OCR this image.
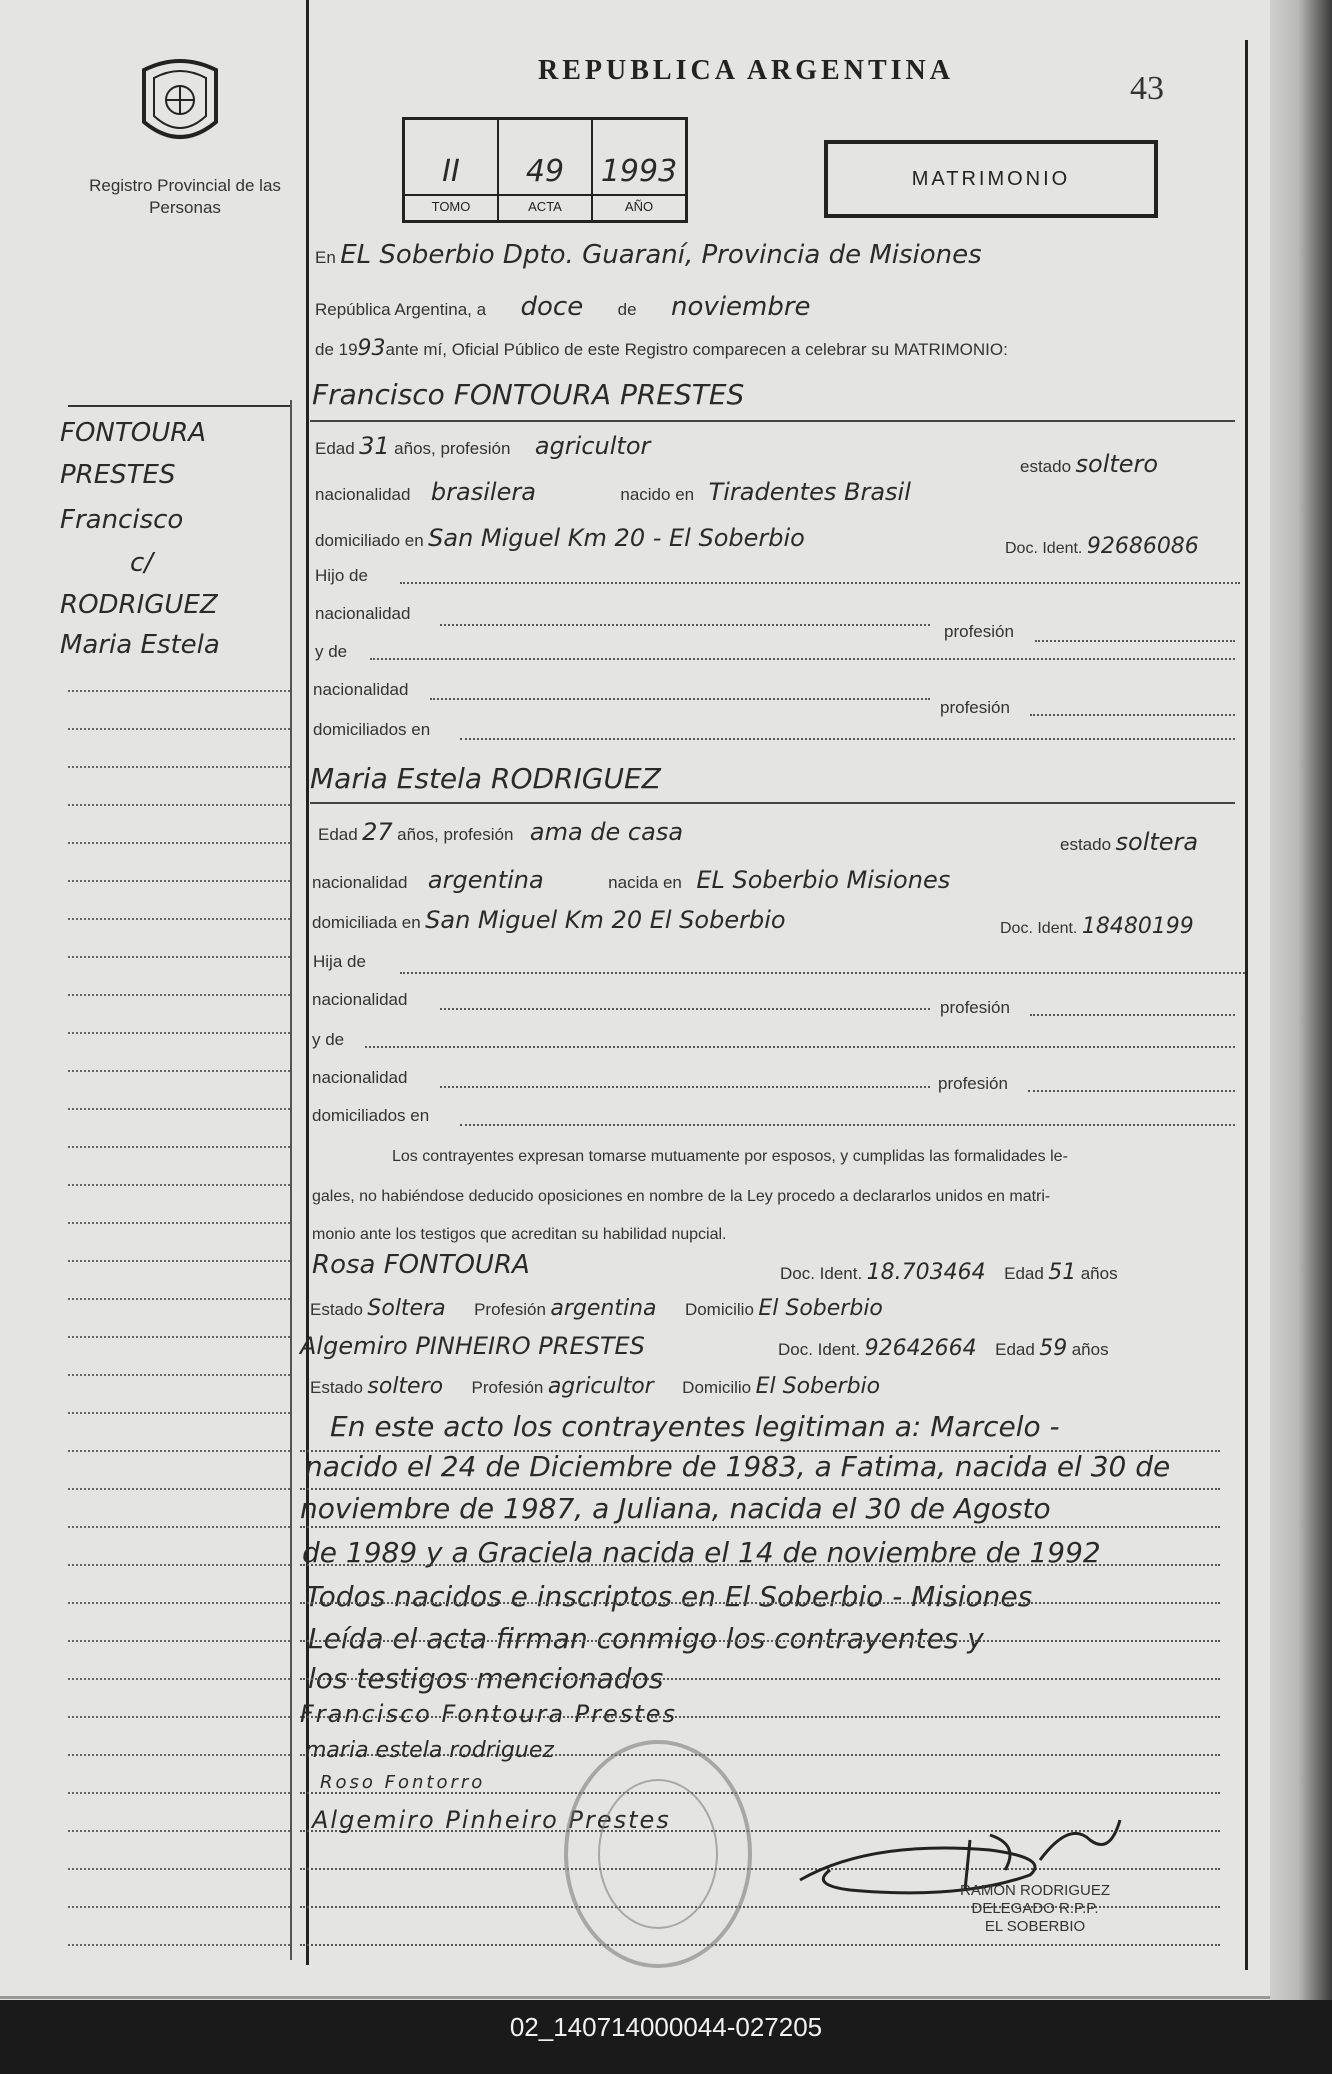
Registro Provincial de las Personas
REPUBLICA ARGENTINA	43
II
TOMO
49
ACTA
1993
AÑO
MATRIMONIO
FONTOURA
PRESTES
Francisco
c/
RODRIGUEZ
Maria Estela
En EL Soberbio Dpto. Guaraní, Provincia de Misiones
República Argentina, a doce de noviembre
de 1993ante mí, Oficial Público de este Registro comparecen a celebrar su MATRIMONIO:
Francisco FONTOURA PRESTES
Edad 31 años, profesión agricultor
estado soltero
nacionalidad brasilera	nacido en Tiradentes Brasil
domiciliado en San Miguel Km 20 - El Soberbio	Doc. Ident. 92686086
Hijo de
nacionalidad
profesión
y de
nacionalidad
profesión
domiciliados en
Maria Estela RODRIGUEZ
Edad 27 años, profesión ama de casa	estado soltera
nacionalidad argentina	nacida en EL Soberbio Misiones
domiciliada en San Miguel Km 20 El Soberbio	Doc. Ident. 18480199
Hija de
nacionalidad	profesión
y de
nacionalidad	profesión
domiciliados en
Los contrayentes expresan tomarse mutuamente por esposos, y cumplidas las formalidades le-
gales, no habiéndose deducido oposiciones en nombre de la Ley procedo a declararlos unidos en matri-
monio ante los testigos que acreditan su habilidad nupcial.
Rosa FONTOURA	Doc. Ident. 18.703464 Edad 51 años
Estado Soltera Profesión argentina Domicilio El Soberbio
Algemiro PINHEIRO PRESTES	Doc. Ident. 92642664 Edad 59 años
Estado soltero Profesión agricultor Domicilio El Soberbio
En este acto los contrayentes legitiman a: Marcelo -
nacido el 24 de Diciembre de 1983, a Fatima, nacida el 30 de
noviembre de 1987, a Juliana, nacida el 30 de Agosto
de 1989 y a Graciela nacida el 14 de noviembre de 1992
Todos nacidos e inscriptos en El Soberbio - Misiones
Leída el acta firman conmigo los contrayentes y
los testigos mencionados
Francisco Fontoura Prestes
maria estela rodriguez
Roso Fontorro
Algemiro Pinheiro Prestes
RAMON RODRIGUEZ
DELEGADO R.P.P.
EL SOBERBIO
02_140714000044-027205
